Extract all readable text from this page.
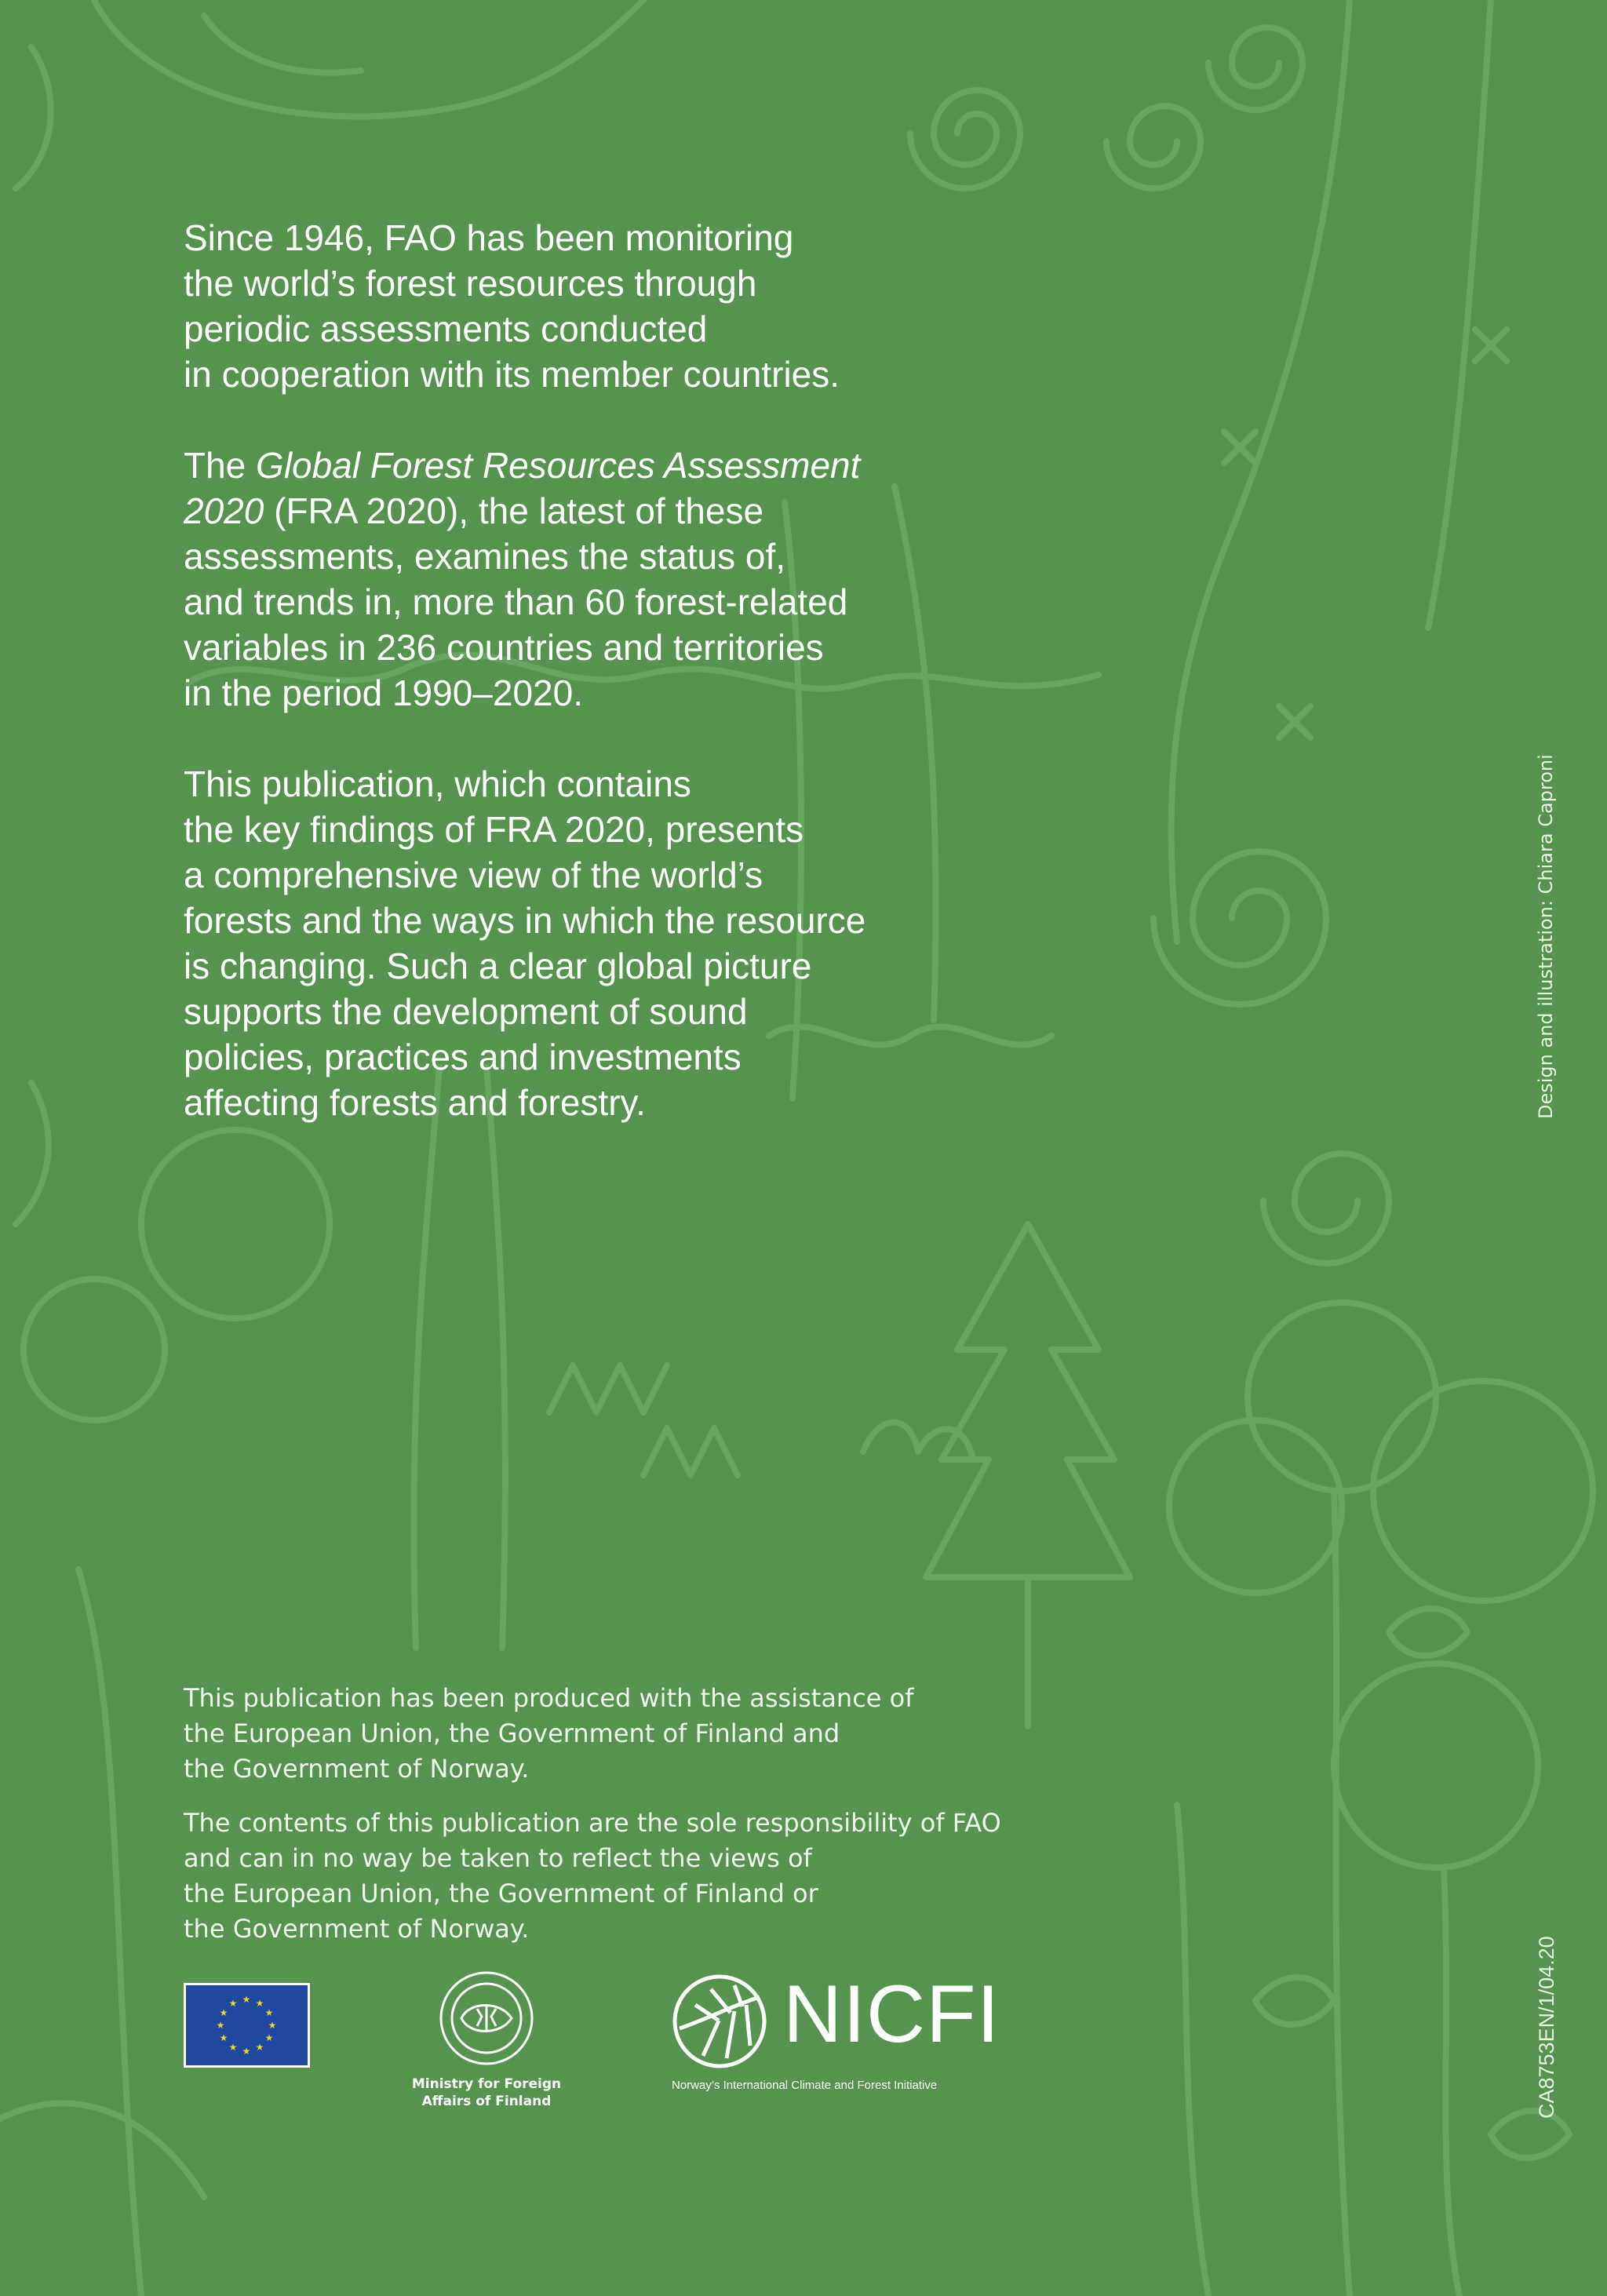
Since 1946, FAO has been monitoring
the world’s forest resources through
periodic assessments conducted
in cooperation with its member countries.

The Global Forest Resources Assessment
2020 (FRA 2020), the latest of these
assessments, examines the status of,
and trends in, more than 60 forest-related
variables in 236 countries and territories
in the period 1990–2020.

This publication, which contains
the key findings of FRA 2020, presents
a comprehensive view of the world’s
forests and the ways in which the resource
is changing. Such a clear global picture
supports the development of sound
policies, practices and investments
affecting forests and forestry.

This publication has been produced with the assistance of
the European Union, the Government of Finland and
the Government of Norway.

The contents of this publication are the sole responsibility of FAO
and can in no way be taken to reflect the views of
the European Union, the Government of Finland or
the Government of Norway.

Design and illustration: Chiara Caproni
CA8753EN/1/04.20
★ ★
★
★
★
★
★
★
★
★
★
★
Ministry for Foreign
Affairs of Finland
NICFI
Norway’s International Climate and Forest Initiative
